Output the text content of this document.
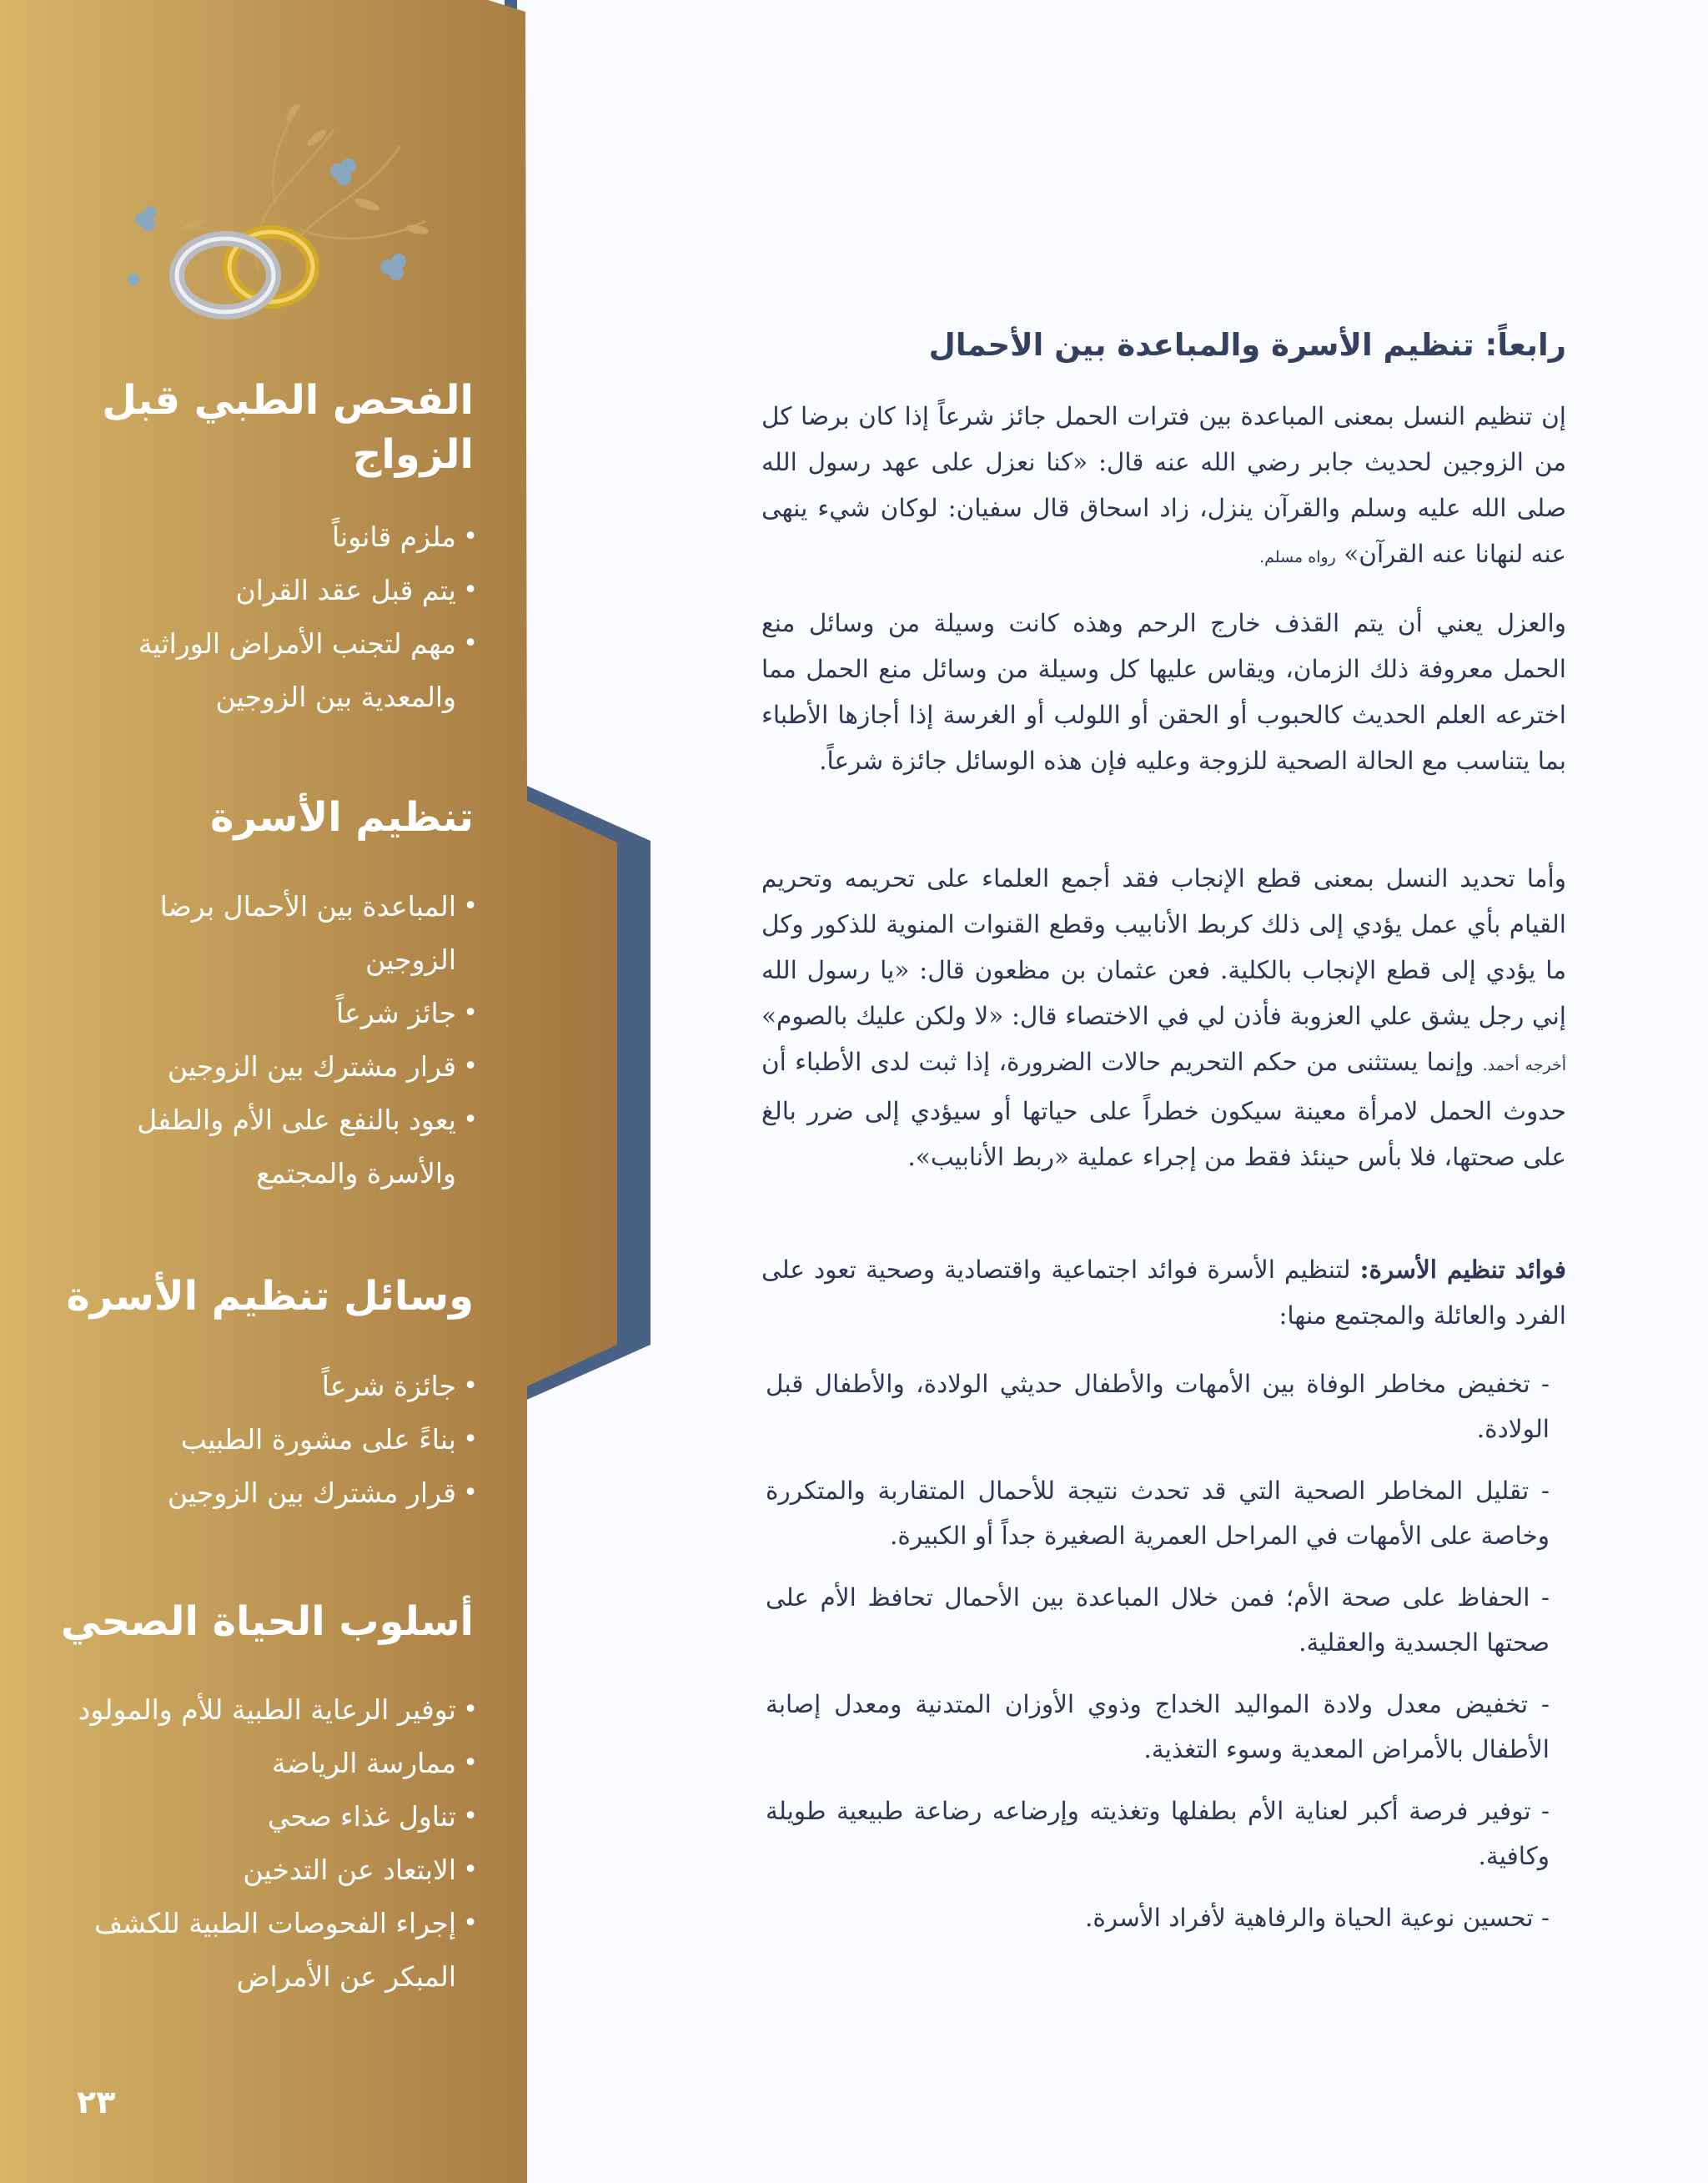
الفحص الطبي قبل الزواج
• ملزم قانوناً
• يتم قبل عقد القران
• مهم لتجنب الأمراض الوراثية والمعدية بين الزوجين
تنظيم الأسرة
• المباعدة بين الأحمال برضا الزوجين
• جائز شرعاً
• قرار مشترك بين الزوجين
• يعود بالنفع على الأم والطفل والأسرة والمجتمع
وسائل تنظيم الأسرة
• جائزة شرعاً
• بناءً على مشورة الطبيب
• قرار مشترك بين الزوجين
أسلوب الحياة الصحي
• توفير الرعاية الطبية للأم والمولود
• ممارسة الرياضة
• تناول غذاء صحي
• الابتعاد عن التدخين
• إجراء الفحوصات الطبية للكشف المبكر عن الأمراض

٢٣

رابعاً: تنظيم الأسرة والمباعدة بين الأحمال

إن تنظيم النسل بمعنى المباعدة بين فترات الحمل جائز شرعاً إذا كان برضا كل من الزوجين لحديث جابر رضي الله عنه قال: «كنا نعزل على عهد رسول الله صلى الله عليه وسلم والقرآن ينزل، زاد اسحاق قال سفيان: لوكان شيء ينهى عنه لنهانا عنه القرآن» رواه مسلم.

والعزل يعني أن يتم القذف خارج الرحم وهذه كانت وسيلة من وسائل منع الحمل معروفة ذلك الزمان، ويقاس عليها كل وسيلة من وسائل منع الحمل مما اخترعه العلم الحديث كالحبوب أو الحقن أو اللولب أو الغرسة إذا أجازها الأطباء بما يتناسب مع الحالة الصحية للزوجة وعليه فإن هذه الوسائل جائزة شرعاً.

وأما تحديد النسل بمعنى قطع الإنجاب فقد أجمع العلماء على تحريمه وتحريم القيام بأي عمل يؤدي إلى ذلك كربط الأنابيب وقطع القنوات المنوية للذكور وكل ما يؤدي إلى قطع الإنجاب بالكلية. فعن عثمان بن مظعون قال: «يا رسول الله إني رجل يشق علي العزوبة فأذن لي في الاختصاء قال: «لا ولكن عليك بالصوم» أخرجه أحمد. وإنما يستثنى من حكم التحريم حالات الضرورة، إذا ثبت لدى الأطباء أن حدوث الحمل لامرأة معينة سيكون خطراً على حياتها أو سيؤدي إلى ضرر بالغ على صحتها، فلا بأس حينئذ فقط من إجراء عملية «ربط الأنابيب».

فوائد تنظيم الأسرة: لتنظيم الأسرة فوائد اجتماعية واقتصادية وصحية تعود على الفرد والعائلة والمجتمع منها:

- تخفيض مخاطر الوفاة بين الأمهات والأطفال حديثي الولادة، والأطفال قبل الولادة.
- تقليل المخاطر الصحية التي قد تحدث نتيجة للأحمال المتقاربة والمتكررة وخاصة على الأمهات في المراحل العمرية الصغيرة جداً أو الكبيرة.
- الحفاظ على صحة الأم؛ فمن خلال المباعدة بين الأحمال تحافظ الأم على صحتها الجسدية والعقلية.
- تخفيض معدل ولادة المواليد الخداج وذوي الأوزان المتدنية ومعدل إصابة الأطفال بالأمراض المعدية وسوء التغذية.
- توفير فرصة أكبر لعناية الأم بطفلها وتغذيته وإرضاعه رضاعة طبيعية طويلة وكافية.
- تحسين نوعية الحياة والرفاهية لأفراد الأسرة.
